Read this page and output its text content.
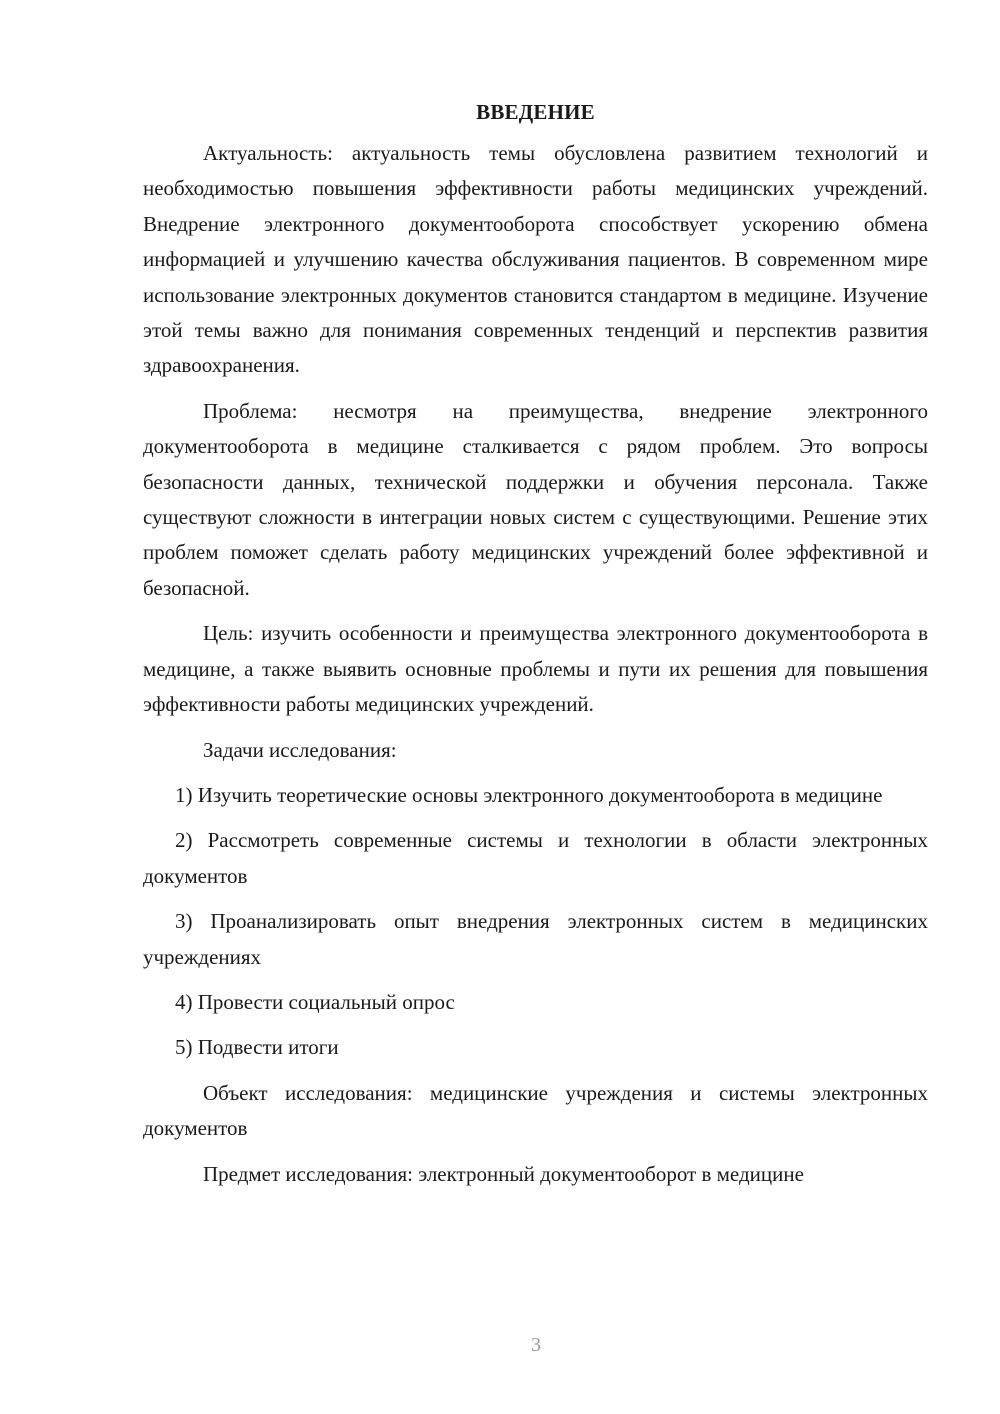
ВВЕДЕНИЕ

Актуальность: актуальность темы обусловлена развитием технологий и необходимостью повышения эффективности работы медицинских учреждений. Внедрение электронного документооборота способствует ускорению обмена информацией и улучшению качества обслуживания пациентов. В современном мире использование электронных документов становится стандартом в медицине. Изучение этой темы важно для понимания современных тенденций и перспектив развития здравоохранения.

Проблема: несмотря на преимущества, внедрение электронного документооборота в медицине сталкивается с рядом проблем. Это вопросы безопасности данных, технической поддержки и обучения персонала. Также существуют сложности в интеграции новых систем с существующими. Решение этих проблем поможет сделать работу медицинских учреждений более эффективной и безопасной.

Цель: изучить особенности и преимущества электронного документооборота в медицине, а также выявить основные проблемы и пути их решения для повышения эффективности работы медицинских учреждений.

Задачи исследования:

1) Изучить теоретические основы электронного документооборота в медицине

2) Рассмотреть современные системы и технологии в области электронных документов

3) Проанализировать опыт внедрения электронных систем в медицинских учреждениях

4) Провести социальный опрос

5) Подвести итоги

Объект исследования: медицинские учреждения и системы электронных документов

Предмет исследования: электронный документооборот в медицине

3
